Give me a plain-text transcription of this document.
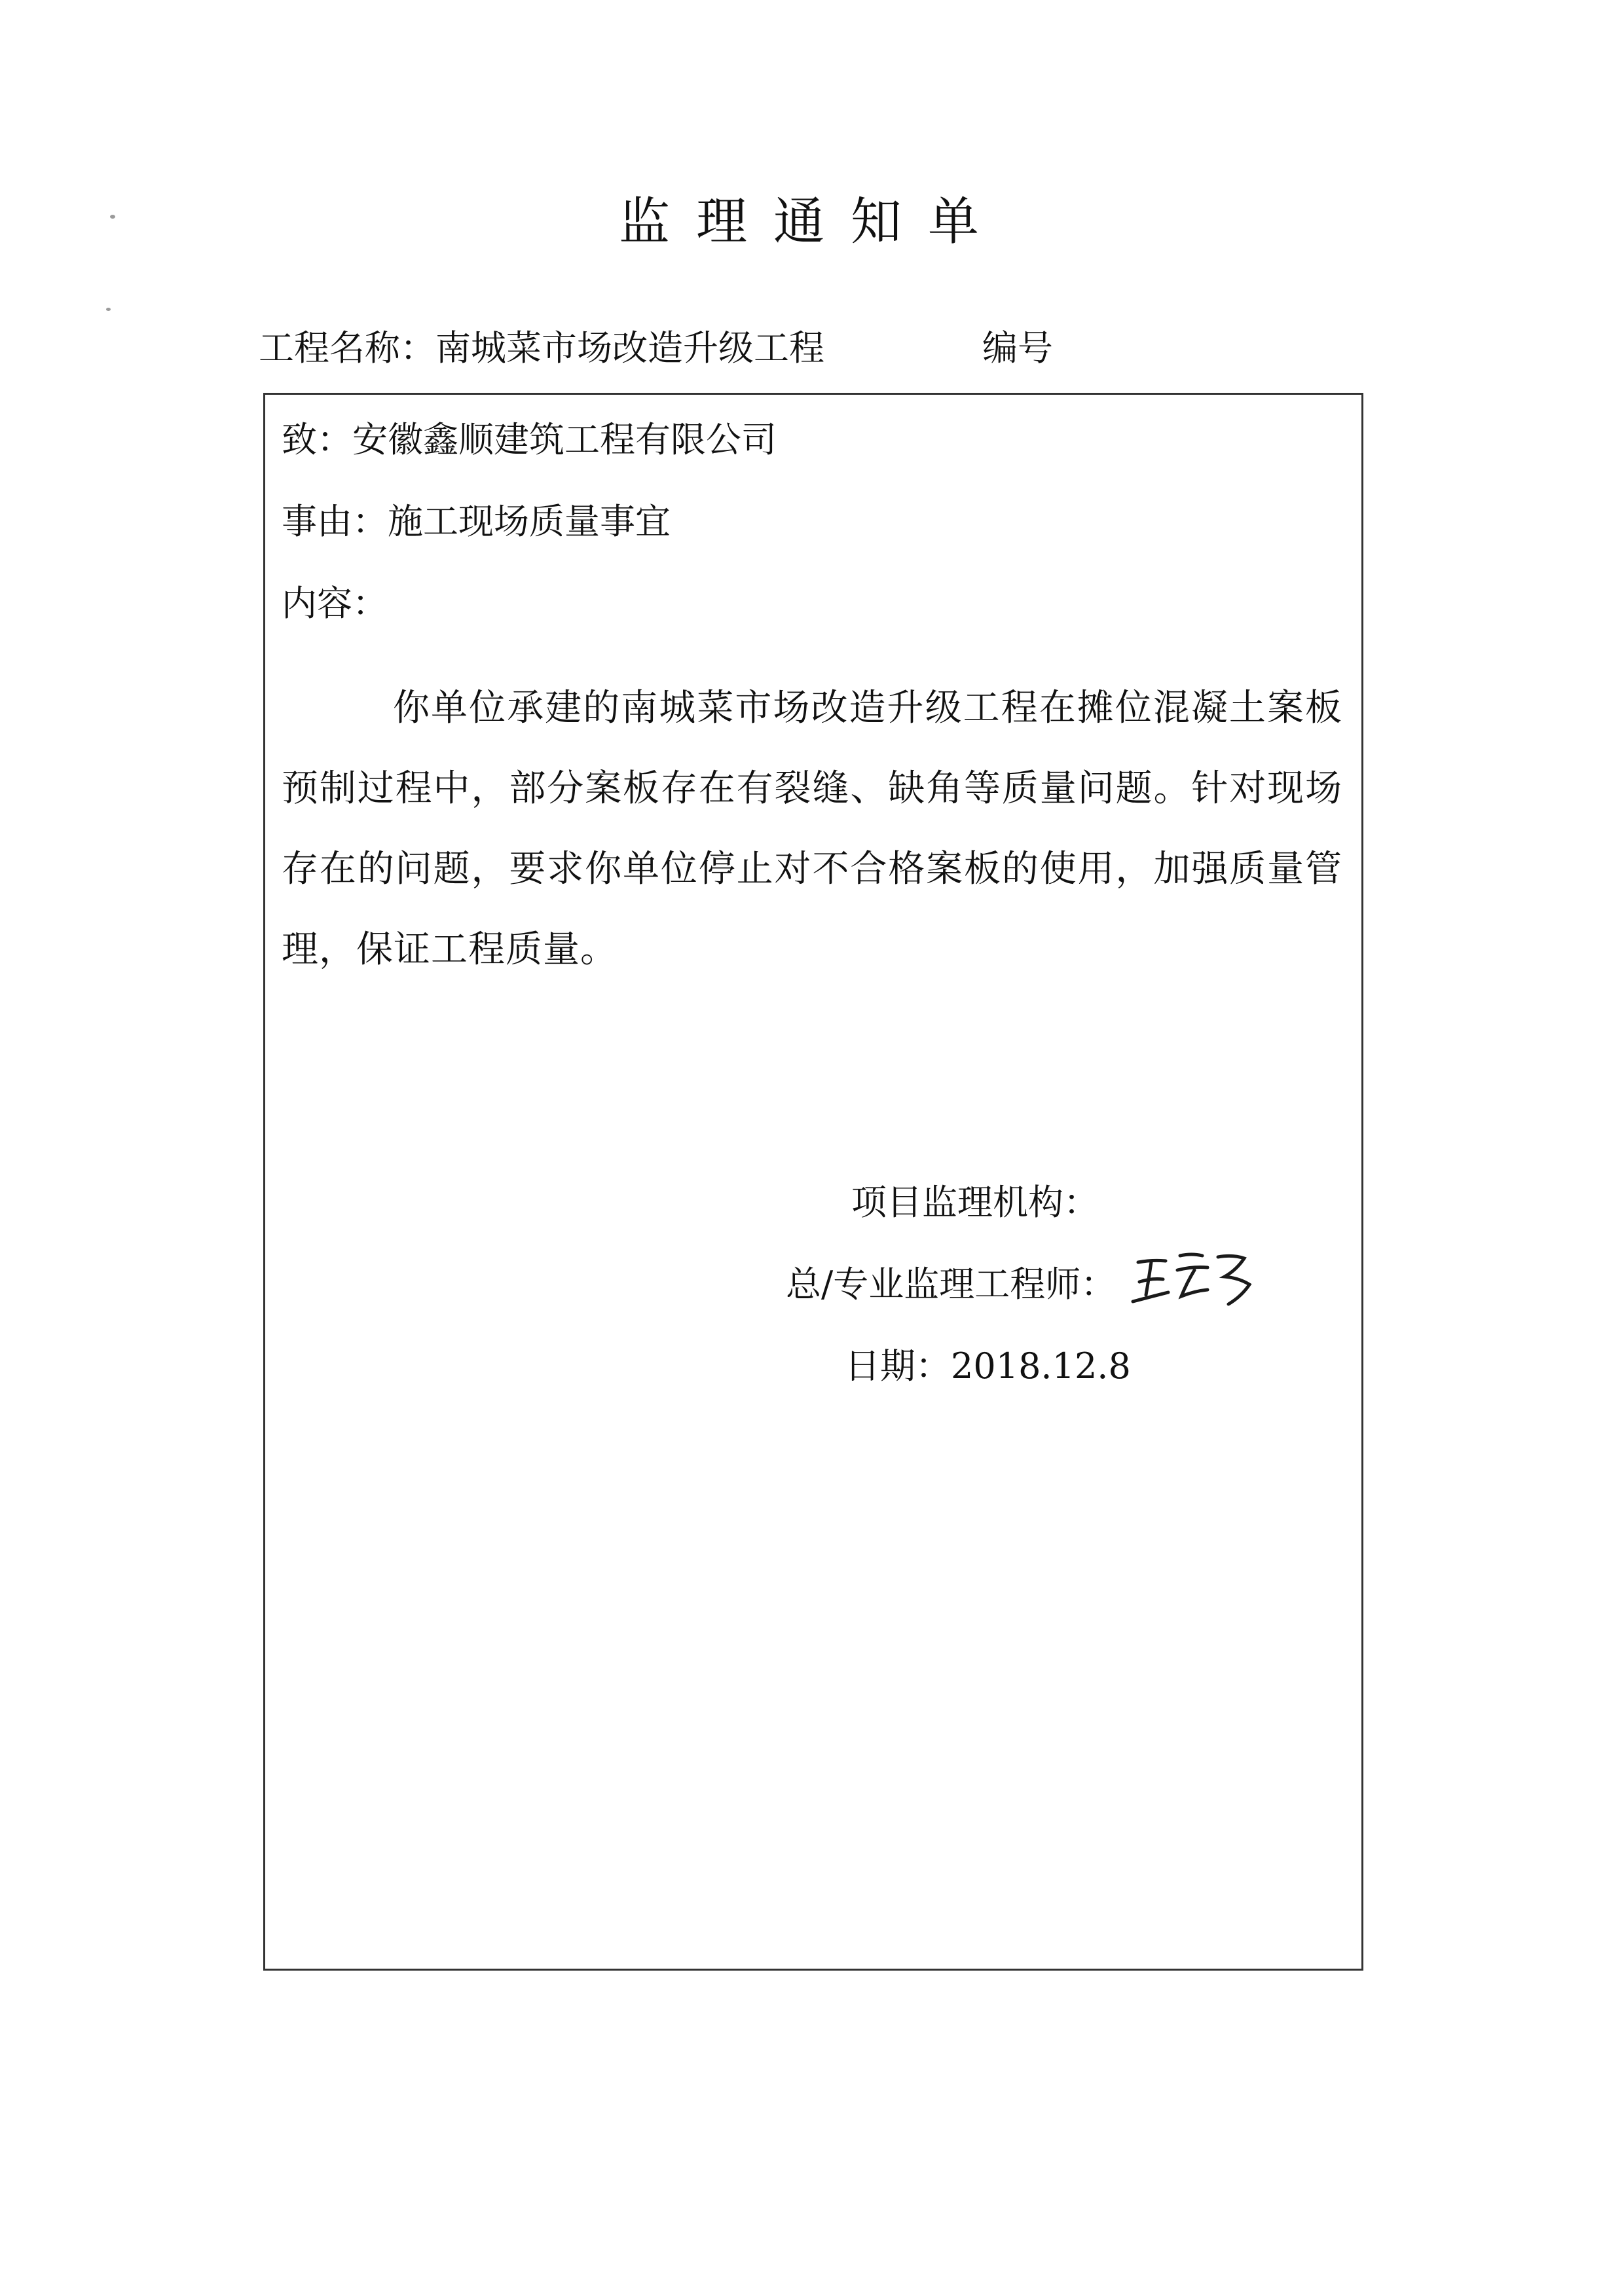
监理通知单
工程名称：南城菜市场改造升级工程	编号
致：安徽鑫顺建筑工程有限公司
事由：施工现场质量事宜
内容：
你单位承建的南城菜市场改造升级工程在摊位混凝土案板预制过程中，部分案板存在有裂缝、缺角等质量问题。针对现场存在的问题，要求你单位停止对不合格案板的使用，加强质量管理，保证工程质量。
项目监理机构：
总/专业监理工程师：
日期：2018.12.8
